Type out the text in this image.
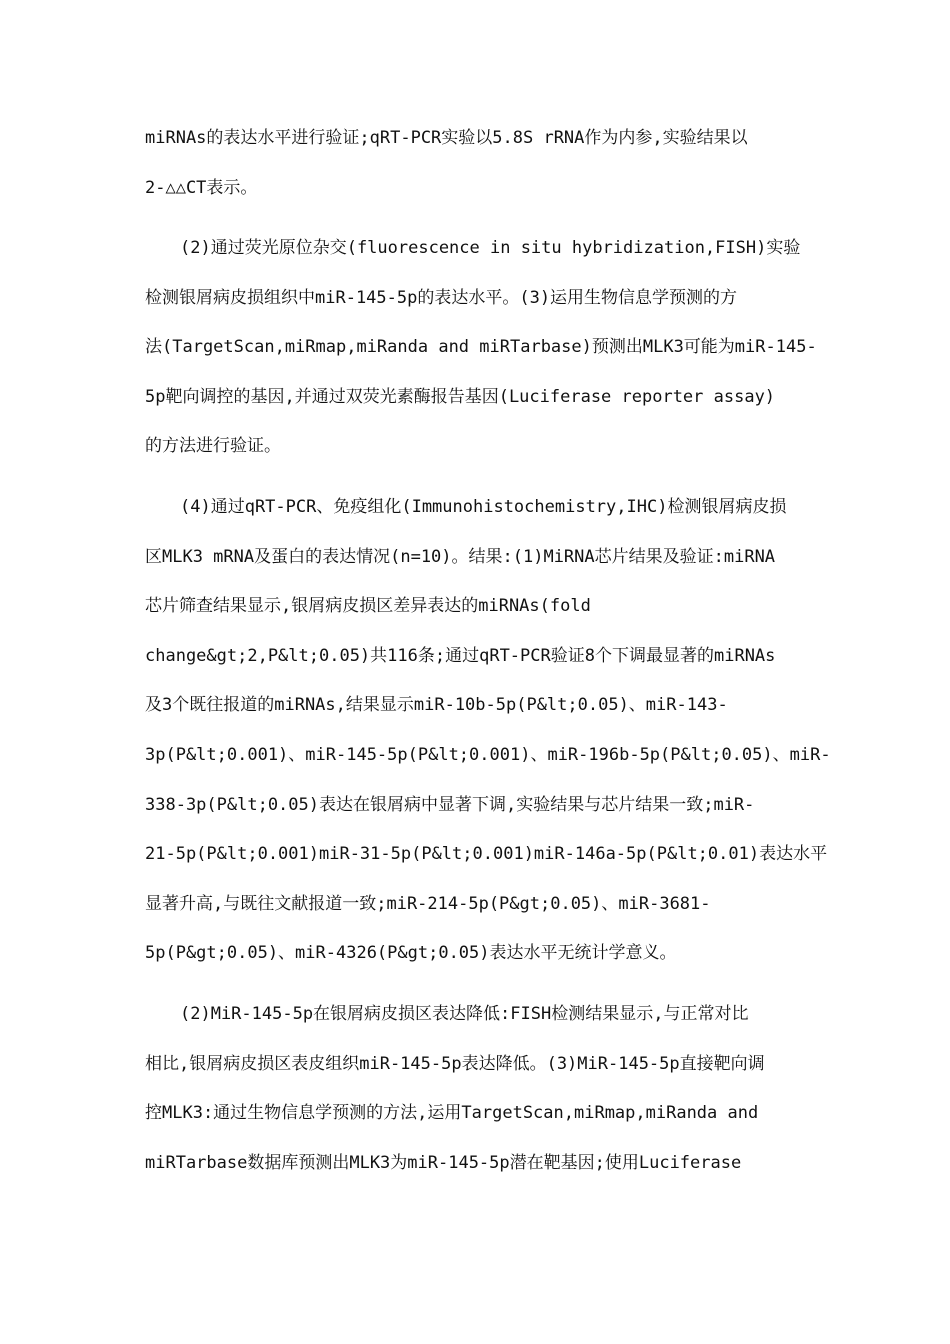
miRNAs的表达水平进行验证;qRT-PCR实验以5.8S rRNA作为内参,实验结果以
2-△△CT表示。
(2)通过荧光原位杂交(fluorescence in situ hybridization,FISH)实验
检测银屑病皮损组织中miR-145-5p的表达水平。(3)运用生物信息学预测的方
法(TargetScan,miRmap,miRanda and miRTarbase)预测出MLK3可能为miR-145-
5p靶向调控的基因,并通过双荧光素酶报告基因(Luciferase reporter assay)
的方法进行验证。
(4)通过qRT-PCR、免疫组化(Immunohistochemistry,IHC)检测银屑病皮损
区MLK3 mRNA及蛋白的表达情况(n=10)。结果:(1)MiRNA芯片结果及验证:miRNA
芯片筛查结果显示,银屑病皮损区差异表达的miRNAs(fold
change&gt;2,P&lt;0.05)共116条;通过qRT-PCR验证8个下调最显著的miRNAs
及3个既往报道的miRNAs,结果显示miR-10b-5p(P&lt;0.05)、miR-143-
3p(P&lt;0.001)、miR-145-5p(P&lt;0.001)、miR-196b-5p(P&lt;0.05)、miR-
338-3p(P&lt;0.05)表达在银屑病中显著下调,实验结果与芯片结果一致;miR-
21-5p(P&lt;0.001)miR-31-5p(P&lt;0.001)miR-146a-5p(P&lt;0.01)表达水平
显著升高,与既往文献报道一致;miR-214-5p(P&gt;0.05)、miR-3681-
5p(P&gt;0.05)、miR-4326(P&gt;0.05)表达水平无统计学意义。
(2)MiR-145-5p在银屑病皮损区表达降低:FISH检测结果显示,与正常对比
相比,银屑病皮损区表皮组织miR-145-5p表达降低。(3)MiR-145-5p直接靶向调
控MLK3:通过生物信息学预测的方法,运用TargetScan,miRmap,miRanda and
miRTarbase数据库预测出MLK3为miR-145-5p潜在靶基因;使用Luciferase
